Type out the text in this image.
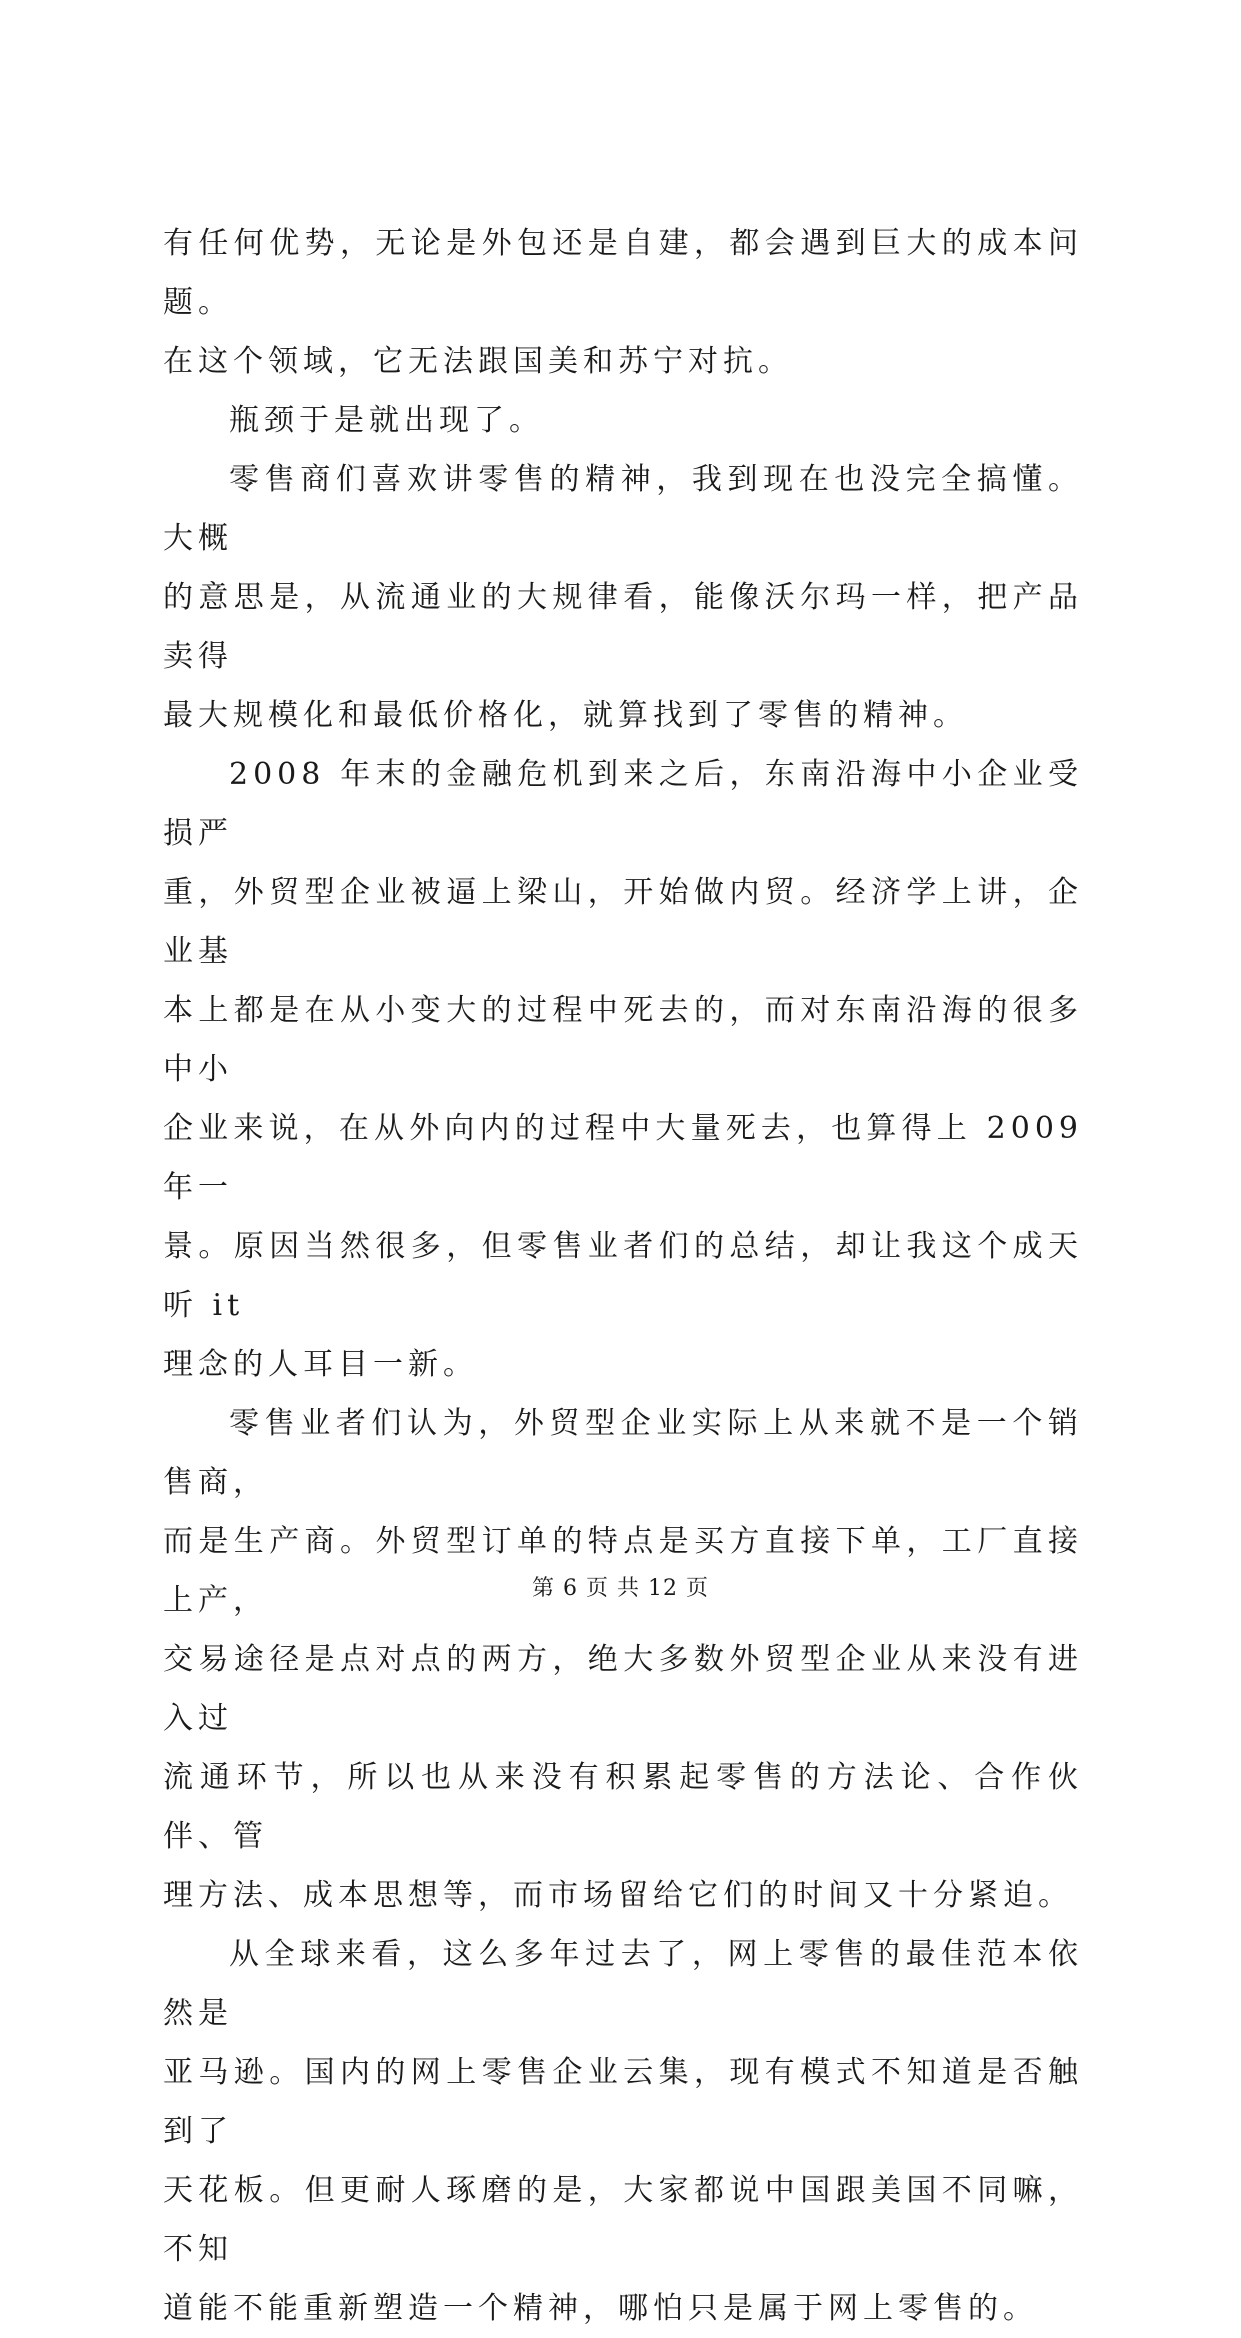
有任何优势，无论是外包还是自建，都会遇到巨大的成本问题。
在这个领域，它无法跟国美和苏宁对抗。

瓶颈于是就出现了。

零售商们喜欢讲零售的精神，我到现在也没完全搞懂。大概
的意思是，从流通业的大规律看，能像沃尔玛一样，把产品卖得
最大规模化和最低价格化，就算找到了零售的精神。

2008 年末的金融危机到来之后，东南沿海中小企业受损严
重，外贸型企业被逼上梁山，开始做内贸。经济学上讲，企业基
本上都是在从小变大的过程中死去的，而对东南沿海的很多中小
企业来说，在从外向内的过程中大量死去，也算得上 2009 年一
景。原因当然很多，但零售业者们的总结，却让我这个成天听 it
理念的人耳目一新。

零售业者们认为，外贸型企业实际上从来就不是一个销售商，
而是生产商。外贸型订单的特点是买方直接下单，工厂直接上产，
交易途径是点对点的两方，绝大多数外贸型企业从来没有进入过
流通环节，所以也从来没有积累起零售的方法论、合作伙伴、管
理方法、成本思想等，而市场留给它们的时间又十分紧迫。

从全球来看，这么多年过去了，网上零售的最佳范本依然是
亚马逊。国内的网上零售企业云集，现有模式不知道是否触到了
天花板。但更耐人琢磨的是，大家都说中国跟美国不同嘛，不知
道能不能重新塑造一个精神，哪怕只是属于网上零售的。

第 6 页 共 12 页
